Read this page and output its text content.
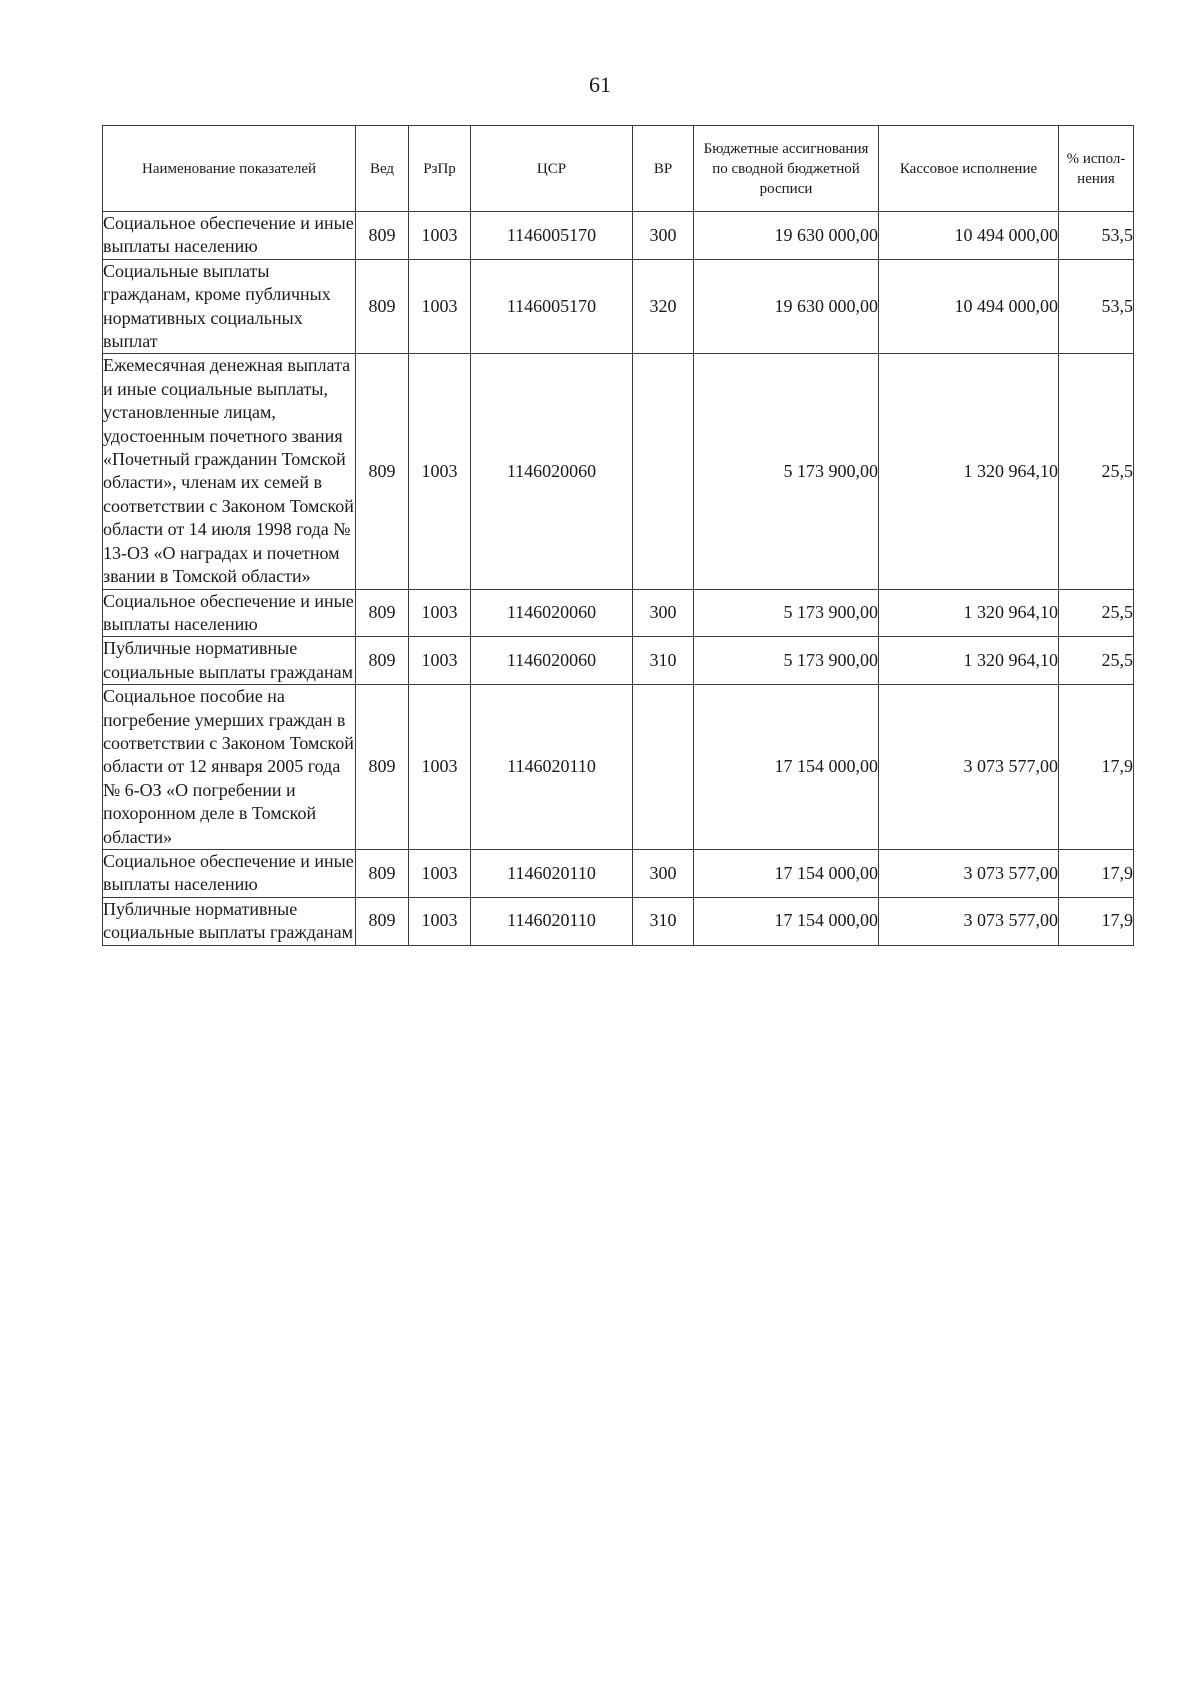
61
Наименование показателей	Вед	РзПр	ЦСР	ВР	Бюджетные ассигнования по сводной бюджетной росписи	Кассовое исполнение	% испол-нения
Социальное обеспечение и иные выплаты населению	809	1003	1146005170	300	19 630 000,00	10 494 000,00	53,5
Социальные выплаты гражданам, кроме публичных нормативных социальных выплат	809	1003	1146005170	320	19 630 000,00	10 494 000,00	53,5
Ежемесячная денежная выплата и иные социальные выплаты, установленные лицам, удостоенным почетного звания «Почетный гражданин Томской области», членам их семей в соответствии с Законом Томской области от 14 июля 1998 года № 13-ОЗ «О наградах и почетном звании в Томской области»	809	1003	1146020060		5 173 900,00	1 320 964,10	25,5
Социальное обеспечение и иные выплаты населению	809	1003	1146020060	300	5 173 900,00	1 320 964,10	25,5
Публичные нормативные социальные выплаты гражданам	809	1003	1146020060	310	5 173 900,00	1 320 964,10	25,5
Социальное пособие на погребение умерших граждан в соответствии с Законом Томской области от 12 января 2005 года № 6-ОЗ «О погребении и похоронном деле в Томской области»	809	1003	1146020110		17 154 000,00	3 073 577,00	17,9
Социальное обеспечение и иные выплаты населению	809	1003	1146020110	300	17 154 000,00	3 073 577,00	17,9
Публичные нормативные социальные выплаты гражданам	809	1003	1146020110	310	17 154 000,00	3 073 577,00	17,9
